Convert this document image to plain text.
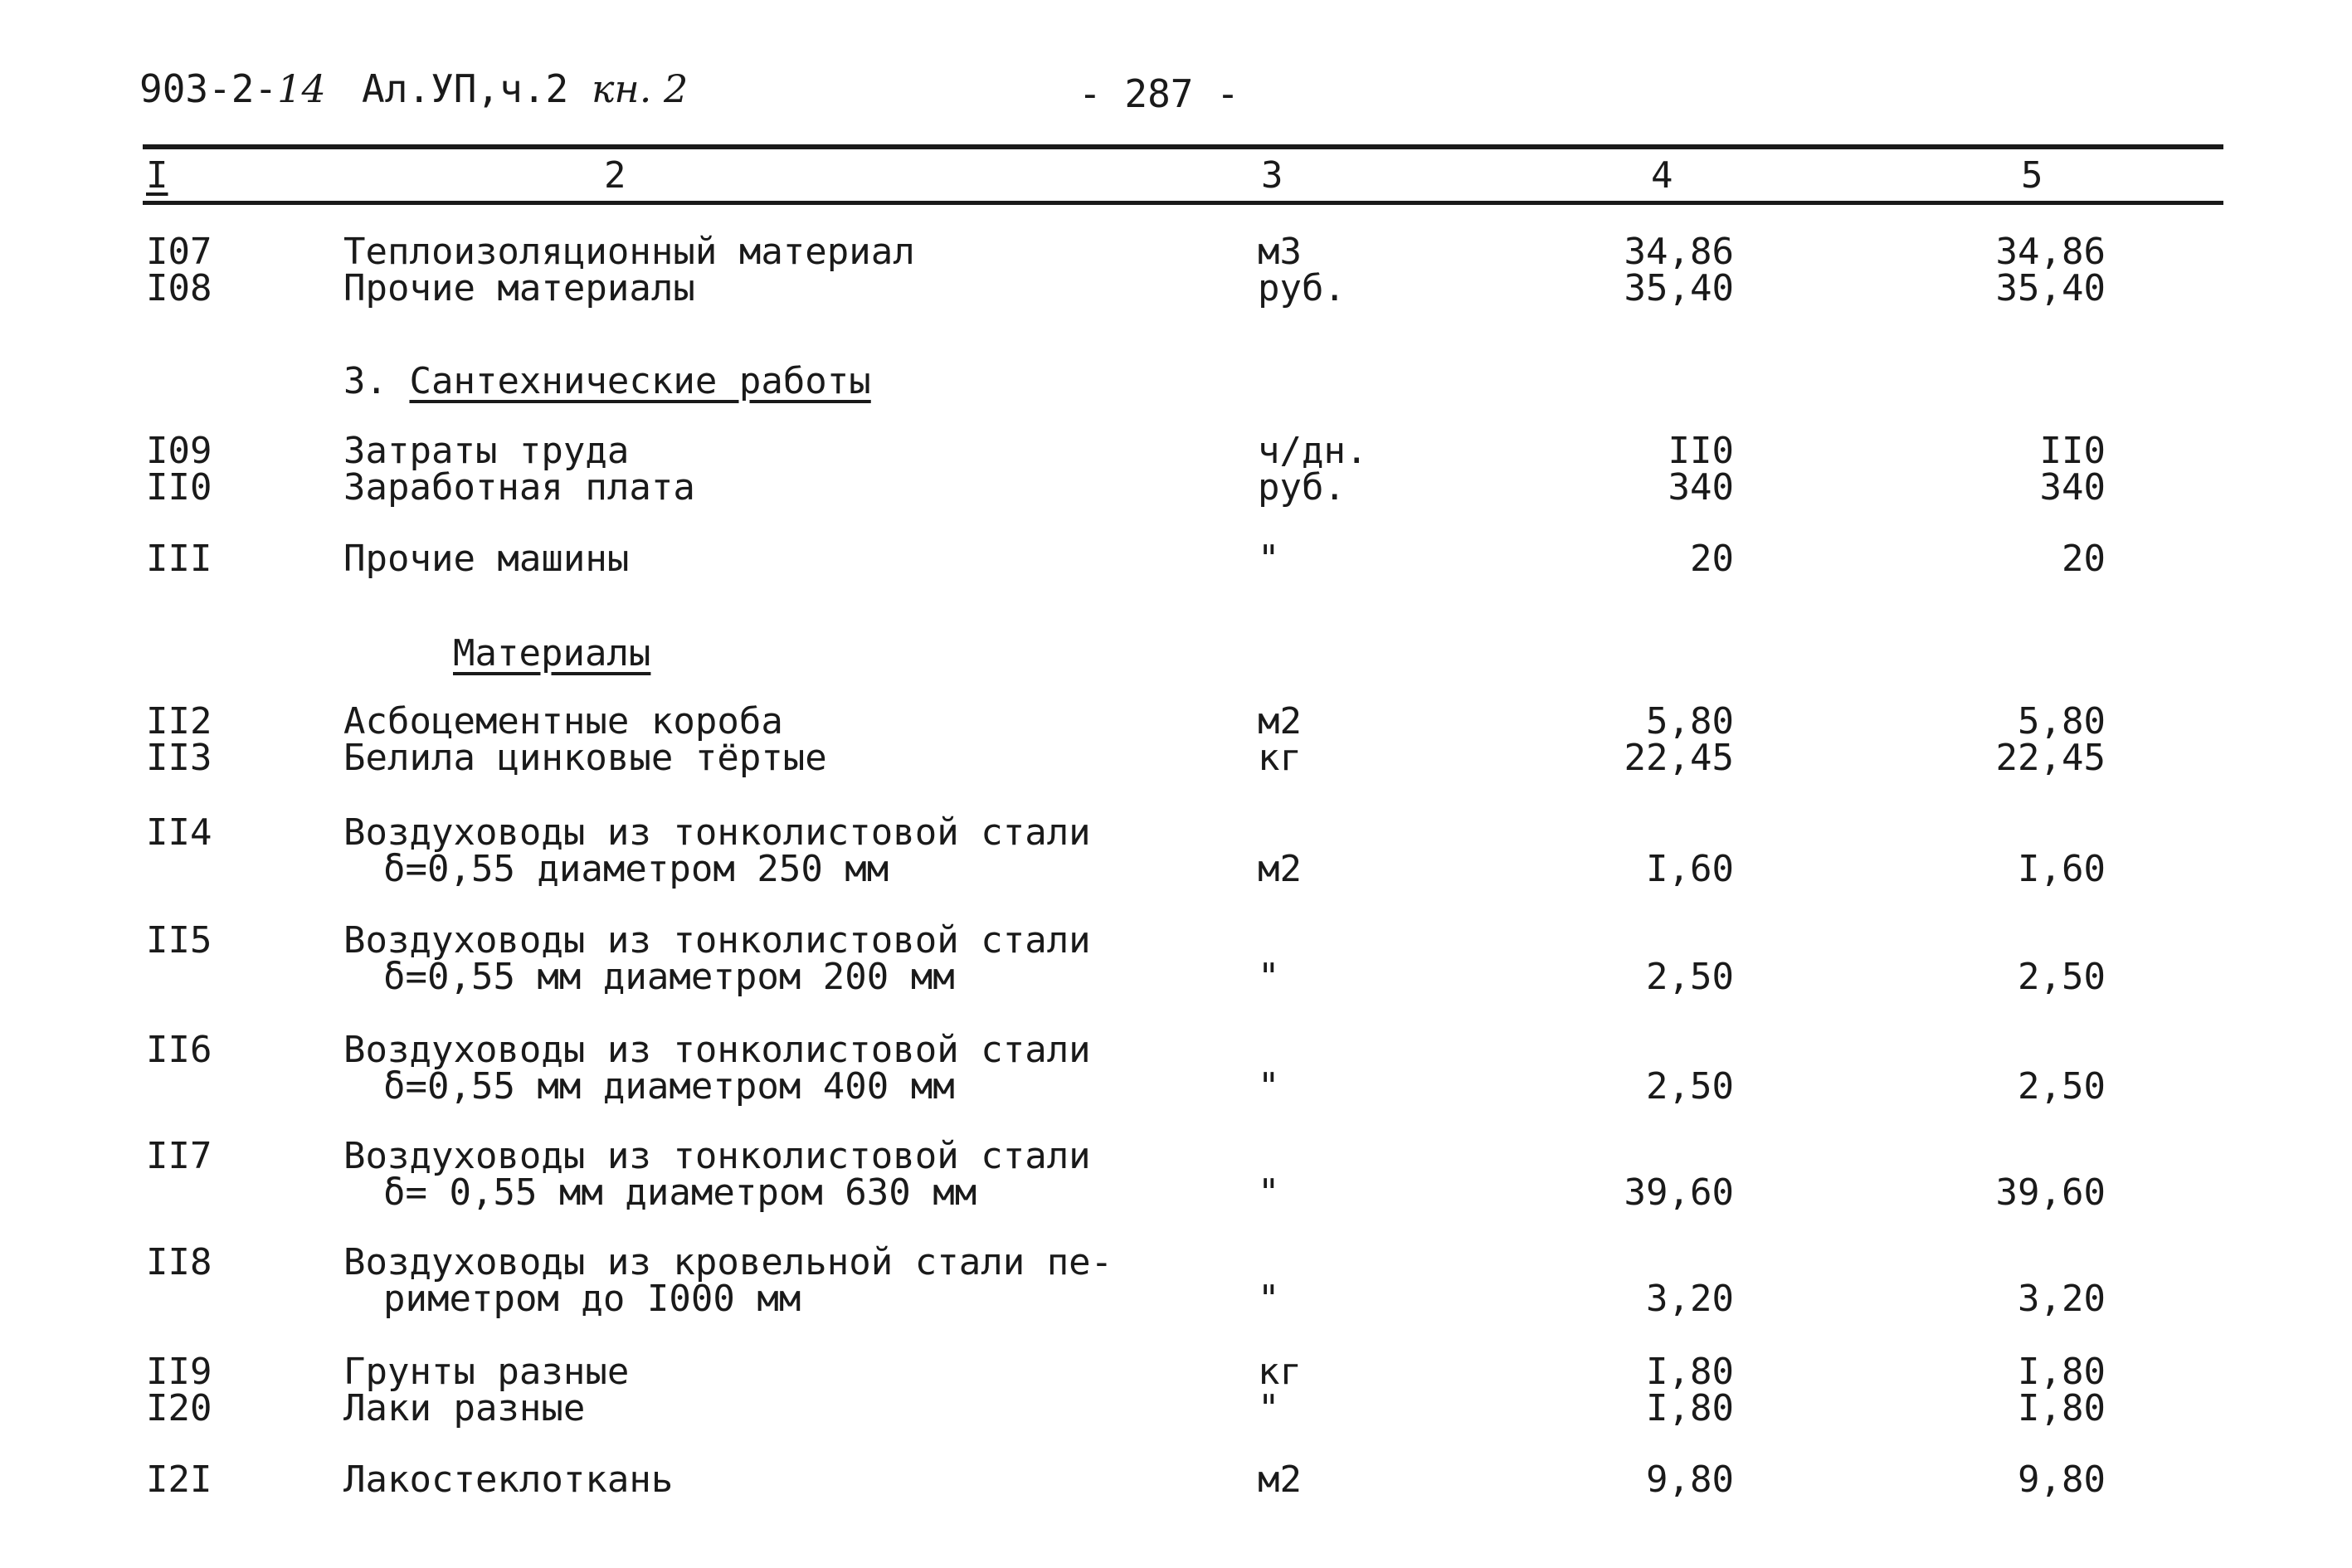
903-2-14 Ал.УП,ч.2 кн. 2	- 287 -
I	2	3	4	5
3. Сантехнические работы
Материалы
I07	Теплоизоляционный материал	м3	34,86	34,86
I08	Прочие материалы	руб.	35,40	35,40
I09	Затраты труда	ч/дн.	II0	II0
II0	Заработная плата	руб.	340	340
III	Прочие машины	"	20	20
II2	Асбоцементные короба	м2	5,80	5,80
II3	Белила цинковые тёртые	кг	22,45	22,45
II4	Воздуховоды из тонколистовой стали
δ=0,55 диаметром 250 мм	м2	I,60	I,60
II5	Воздуховоды из тонколистовой стали
δ=0,55 мм диаметром 200 мм	"	2,50	2,50
II6	Воздуховоды из тонколистовой стали
δ=0,55 мм диаметром 400 мм	"	2,50	2,50
II7	Воздуховоды из тонколистовой стали
δ= 0,55 мм диаметром 630 мм	"	39,60	39,60
II8	Воздуховоды из кровельной стали пе-
риметром до I000 мм	"	3,20	3,20
II9	Грунты разные	кг	I,80	I,80
I20	Лаки разные	"	I,80	I,80
I2I	Лакостеклоткань	м2	9,80	9,80
